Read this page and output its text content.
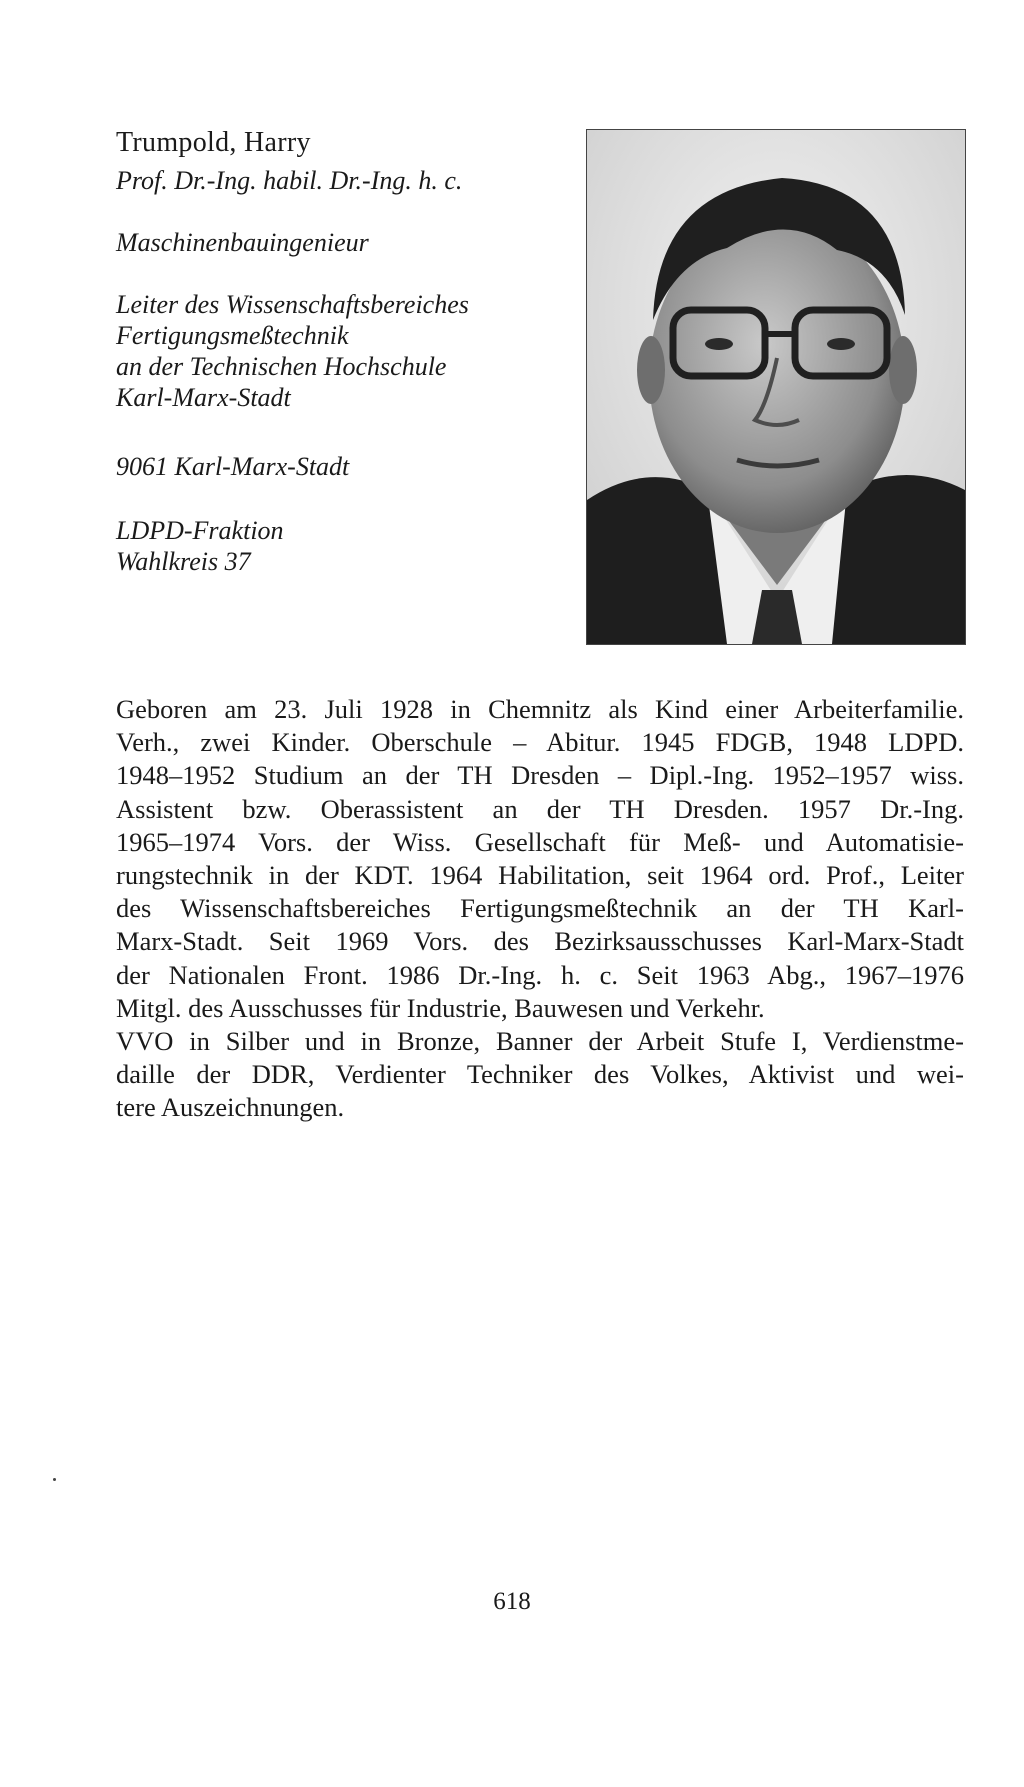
Trumpold, Harry
Prof. Dr.-Ing. habil. Dr.-Ing. h. c.
Maschinenbauingenieur
Leiter des Wissenschaftsbereiches
Fertigungsmeßtechnik
an der Technischen Hochschule
Karl-Marx-Stadt
9061 Karl-Marx-Stadt
LDPD-Fraktion
Wahlkreis 37
Geboren am 23. Juli 1928 in Chemnitz als Kind einer Arbeiterfamilie.
Verh., zwei Kinder. Oberschule – Abitur. 1945 FDGB, 1948 LDPD.
1948–1952 Studium an der TH Dresden – Dipl.-Ing. 1952–1957 wiss.
Assistent bzw. Oberassistent an der TH Dresden. 1957 Dr.-Ing.
1965–1974 Vors. der Wiss. Gesellschaft für Meß- und Automatisie-
rungstechnik in der KDT. 1964 Habilitation, seit 1964 ord. Prof., Leiter
des Wissenschaftsbereiches Fertigungsmeßtechnik an der TH Karl-
Marx-Stadt. Seit 1969 Vors. des Bezirksausschusses Karl-Marx-Stadt
der Nationalen Front. 1986 Dr.-Ing. h. c. Seit 1963 Abg., 1967–1976
Mitgl. des Ausschusses für Industrie, Bauwesen und Verkehr.
VVO in Silber und in Bronze, Banner der Arbeit Stufe I, Verdienstme-
daille der DDR, Verdienter Techniker des Volkes, Aktivist und wei-
tere Auszeichnungen.
618
